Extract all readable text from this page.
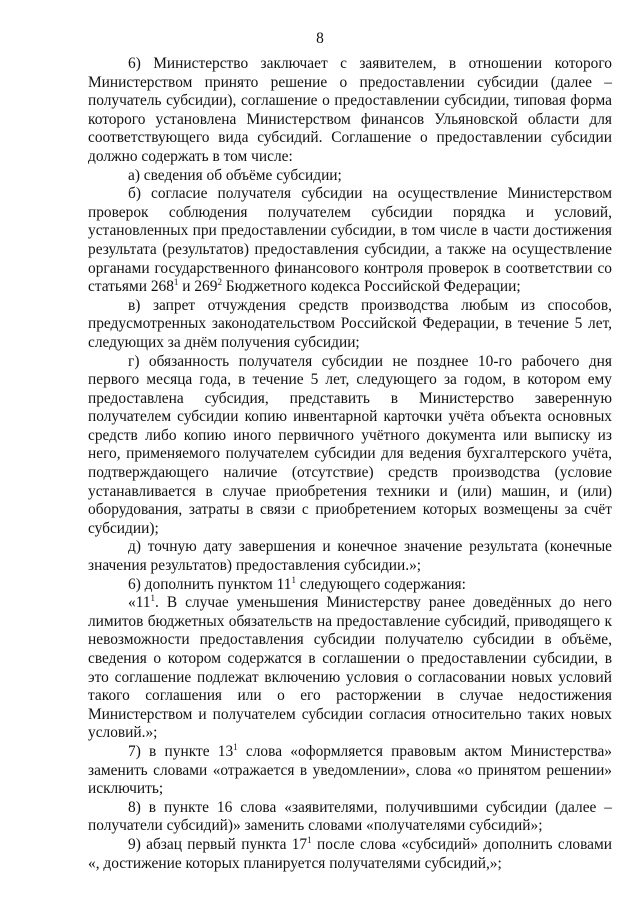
8

6) Министерство заключает с заявителем, в отношении которого Министерством принято решение о предоставлении субсидии (далее – получатель субсидии), соглашение о предоставлении субсидии, типовая форма которого установлена Министерством финансов Ульяновской области для соответствующего вида субсидий. Соглашение о предоставлении субсидии должно содержать в том числе:

а) сведения об объёме субсидии;

б) согласие получателя субсидии на осуществление Министерством проверок соблюдения получателем субсидии порядка и условий, установленных при предоставлении субсидии, в том числе в части достижения результата (результатов) предоставления субсидии, а также на осуществление органами государственного финансового контроля проверок в соответствии со статьями $268^1$ и $269^2$ Бюджетного кодекса Российской Федерации;

в) запрет отчуждения средств производства любым из способов, предусмотренных законодательством Российской Федерации, в течение 5 лет, следующих за днём получения субсидии;

г) обязанность получателя субсидии не позднее 10-го рабочего дня первого месяца года, в течение 5 лет, следующего за годом, в котором ему предоставлена субсидия, представить в Министерство заверенную получателем субсидии копию инвентарной карточки учёта объекта основных средств либо копию иного первичного учётного документа или выписку из него, применяемого получателем субсидии для ведения бухгалтерского учёта, подтверждающего наличие (отсутствие) средств производства (условие устанавливается в случае приобретения техники и (или) машин, и (или) оборудования, затраты в связи с приобретением которых возмещены за счёт субсидии);

д) точную дату завершения и конечное значение результата (конечные значения результатов) предоставления субсидии.»;

6) дополнить пунктом $11^1$ следующего содержания:

«$11^1$. В случае уменьшения Министерству ранее доведённых до него лимитов бюджетных обязательств на предоставление субсидий, приводящего к невозможности предоставления субсидии получателю субсидии в объёме, сведения о котором содержатся в соглашении о предоставлении субсидии, в это соглашение подлежат включению условия о согласовании новых условий такого соглашения или о его расторжении в случае недостижения Министерством и получателем субсидии согласия относительно таких новых условий.»;

7) в пункте $13^1$ слова «оформляется правовым актом Министерства» заменить словами «отражается в уведомлении», слова «о принятом решении» исключить;

8) в пункте 16 слова «заявителями, получившими субсидии (далее – получатели субсидий)» заменить словами «получателями субсидий»;

9) абзац первый пункта $17^1$ после слова «субсидий» дополнить словами «, достижение которых планируется получателями субсидий,»;
